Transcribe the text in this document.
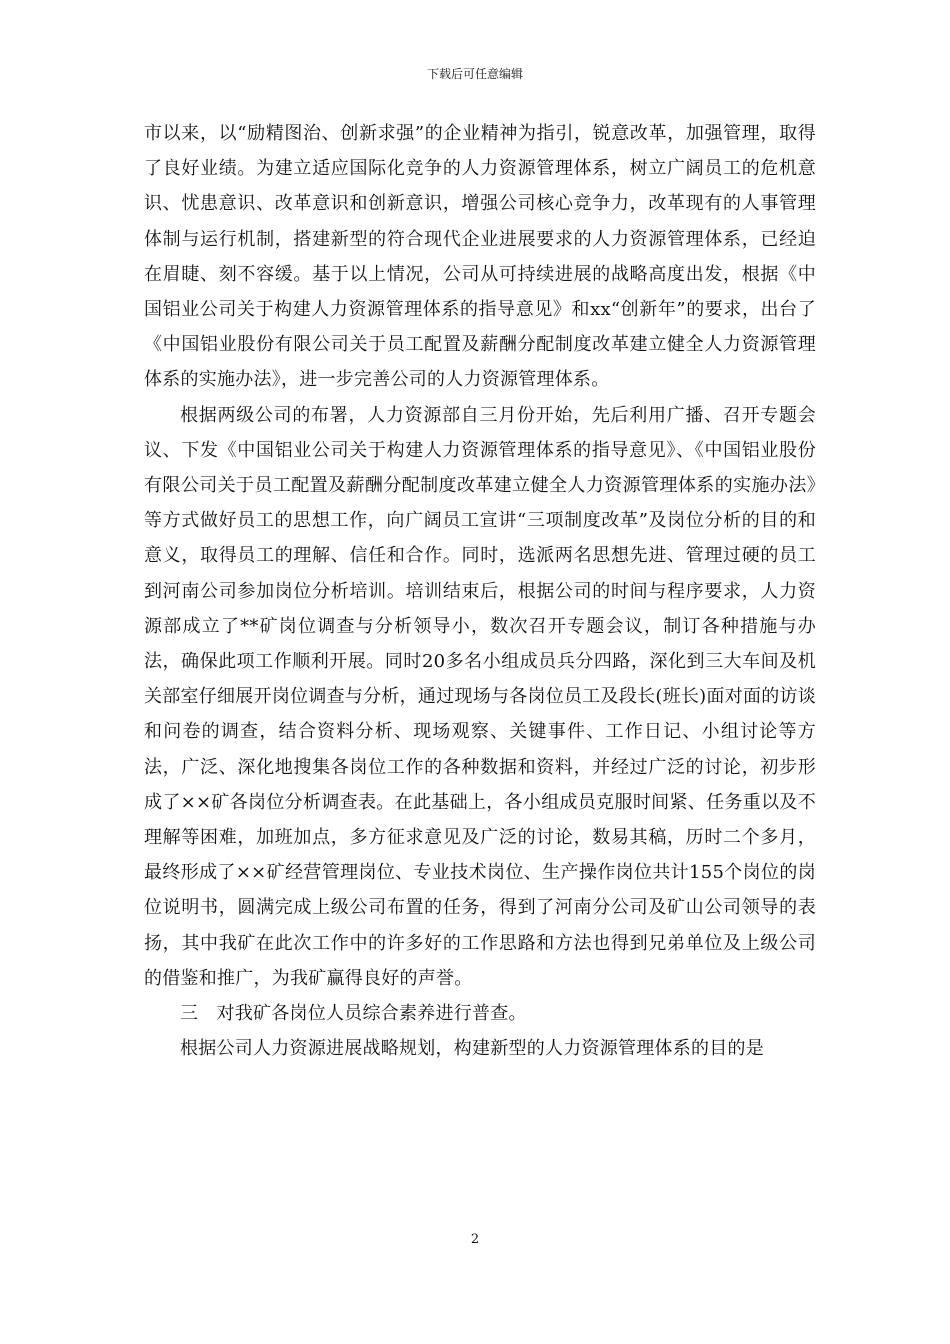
下载后可任意编辑

市以来，以“励精图治、创新求强”的企业精神为指引，锐意改革，加强管理，取得了良好业绩。为建立适应国际化竞争的人力资源管理体系，树立广阔员工的危机意识、忧患意识、改革意识和创新意识，增强公司核心竞争力，改革现有的人事管理体制与运行机制，搭建新型的符合现代企业进展要求的人力资源管理体系，已经迫在眉睫、刻不容缓。基于以上情况，公司从可持续进展的战略高度出发，根据《中国铝业公司关于构建人力资源管理体系的指导意见》和xx“创新年”的要求，出台了《中国铝业股份有限公司关于员工配置及薪酬分配制度改革建立健全人力资源管理体系的实施办法》，进一步完善公司的人力资源管理体系。

根据两级公司的布署，人力资源部自三月份开始，先后利用广播、召开专题会议、下发《中国铝业公司关于构建人力资源管理体系的指导意见》、《中国铝业股份有限公司关于员工配置及薪酬分配制度改革建立健全人力资源管理体系的实施办法》等方式做好员工的思想工作，向广阔员工宣讲“三项制度改革”及岗位分析的目的和意义，取得员工的理解、信任和合作。同时，选派两名思想先进、管理过硬的员工到河南公司参加岗位分析培训。培训结束后，根据公司的时间与程序要求，人力资源部成立了**矿岗位调查与分析领导小，数次召开专题会议，制订各种措施与办法，确保此项工作顺利开展。同时20多名小组成员兵分四路，深化到三大车间及机关部室仔细展开岗位调查与分析，通过现场与各岗位员工及段长(班长)面对面的访谈和问卷的调查，结合资料分析、现场观察、关键事件、工作日记、小组讨论等方法，广泛、深化地搜集各岗位工作的各种数据和资料，并经过广泛的讨论，初步形成了××矿各岗位分析调查表。在此基础上，各小组成员克服时间紧、任务重以及不理解等困难，加班加点，多方征求意见及广泛的讨论，数易其稿，历时二个多月，最终形成了××矿经营管理岗位、专业技术岗位、生产操作岗位共计155个岗位的岗位说明书，圆满完成上级公司布置的任务，得到了河南分公司及矿山公司领导的表扬，其中我矿在此次工作中的许多好的工作思路和方法也得到兄弟单位及上级公司的借鉴和推广，为我矿赢得良好的声誉。

三　对我矿各岗位人员综合素养进行普查。

根据公司人力资源进展战略规划，构建新型的人力资源管理体系的目的是

2
